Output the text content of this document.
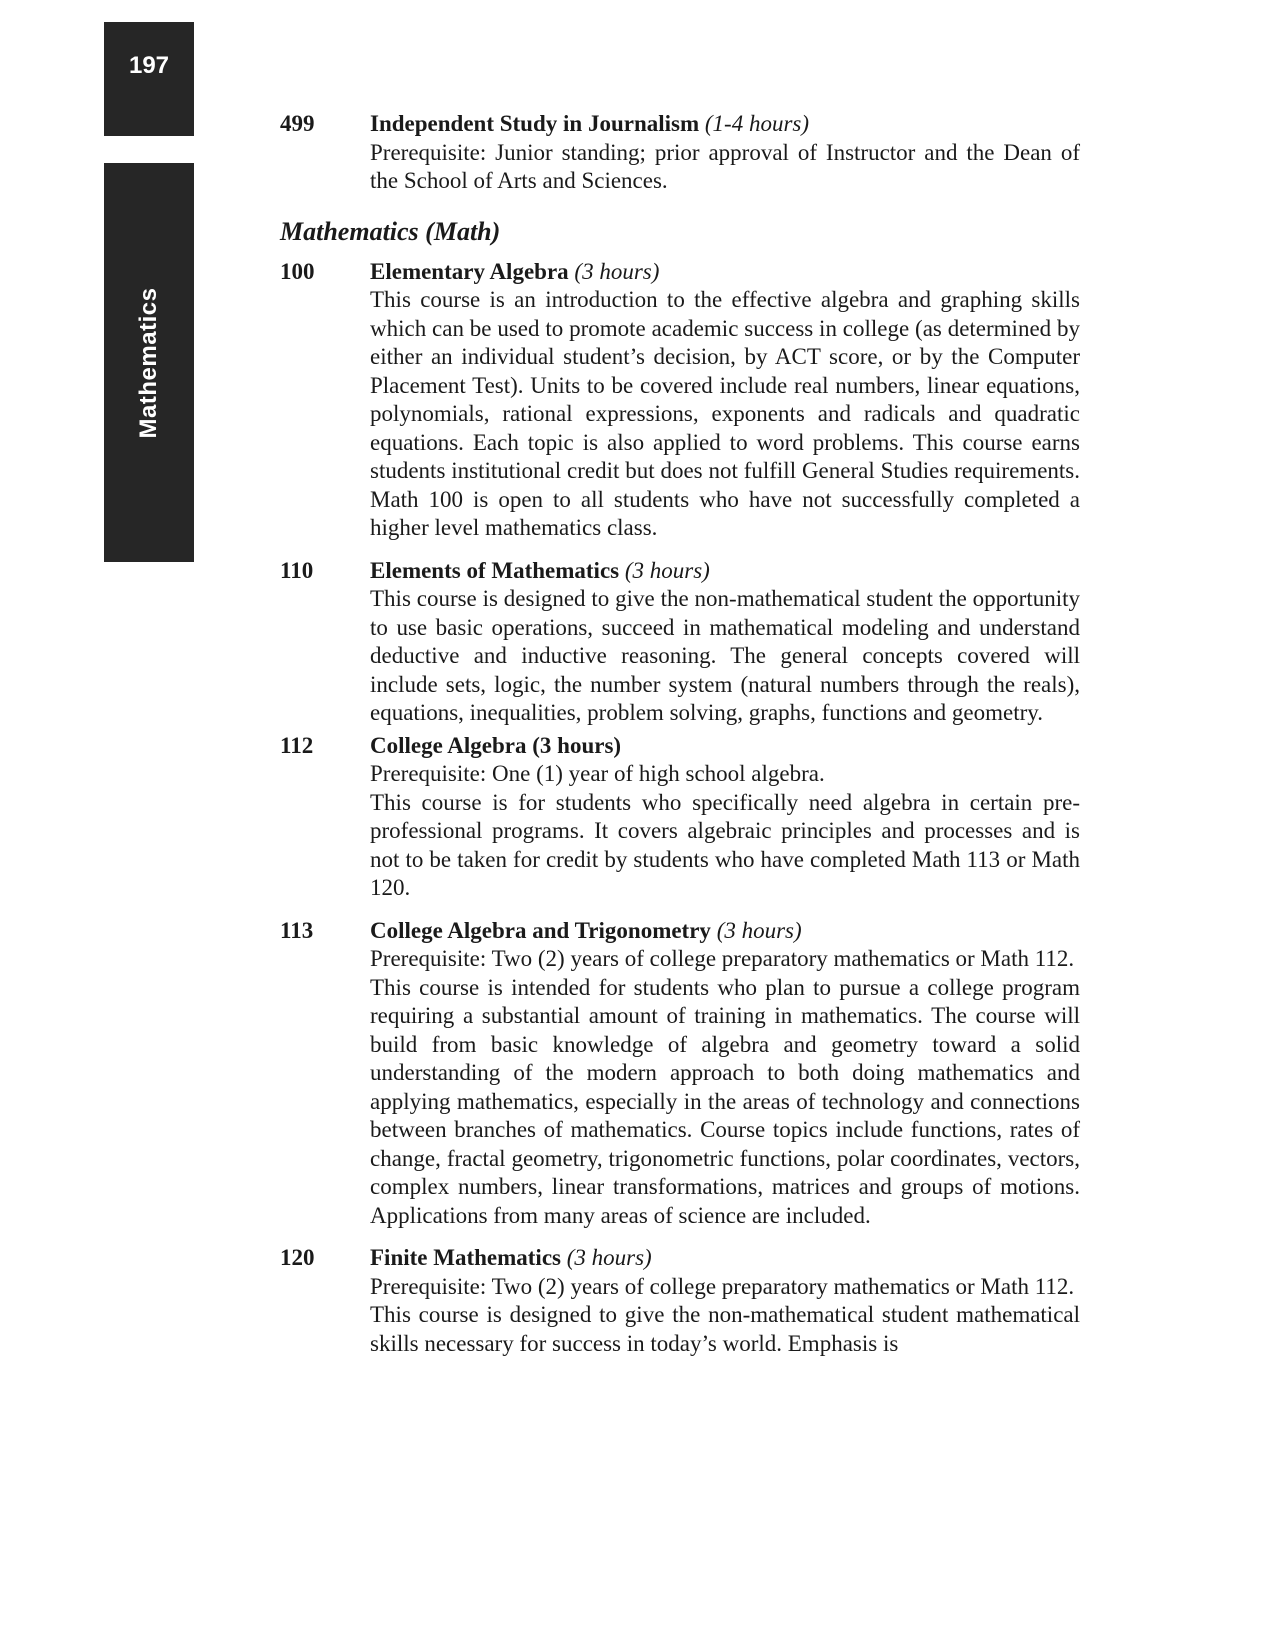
197
Mathematics
499	Independent Study in Journalism (1-4 hours)

Prerequisite: Junior standing; prior approval of Instructor and the Dean of the School of Arts and Sciences.

Mathematics (Math)
100	Elementary Algebra (3 hours)

This course is an introduction to the effective algebra and graphing skills which can be used to promote academic success in college (as determined by either an individual student’s decision, by ACT score, or by the Computer Placement Test). Units to be covered include real numbers, linear equations, polynomials, rational expressions, exponents and radicals and quadratic equations. Each topic is also applied to word problems. This course earns students institutional credit but does not fulfill General Studies requirements. Math 100 is open to all students who have not successfully completed a higher level mathematics class.

110	Elements of Mathematics (3 hours)

This course is designed to give the non-mathematical student the opportunity to use basic operations, succeed in mathematical modeling and understand deductive and inductive reasoning. The general concepts covered will include sets, logic, the number system (natural numbers through the reals), equations, inequalities, problem solving, graphs, functions and geometry.

112	College Algebra (3 hours)

Prerequisite: One (1) year of high school algebra.

This course is for students who specifically need algebra in certain pre-professional programs. It covers algebraic principles and processes and is not to be taken for credit by students who have completed Math 113 or Math 120.

113	College Algebra and Trigonometry (3 hours)

Prerequisite: Two (2) years of college preparatory mathematics or Math 112.

This course is intended for students who plan to pursue a college program requiring a substantial amount of training in mathematics. The course will build from basic knowledge of algebra and geometry toward a solid understanding of the modern approach to both doing mathematics and applying mathematics, especially in the areas of technology and connections between branches of mathematics. Course topics include functions, rates of change, fractal geometry, trigonometric functions, polar coordinates, vectors, complex numbers, linear transformations, matrices and groups of motions. Applications from many areas of science are included.

120	Finite Mathematics (3 hours)

Prerequisite: Two (2) years of college preparatory mathematics or Math 112.

This course is designed to give the non-mathematical student mathematical skills necessary for success in today’s world. Emphasis is
